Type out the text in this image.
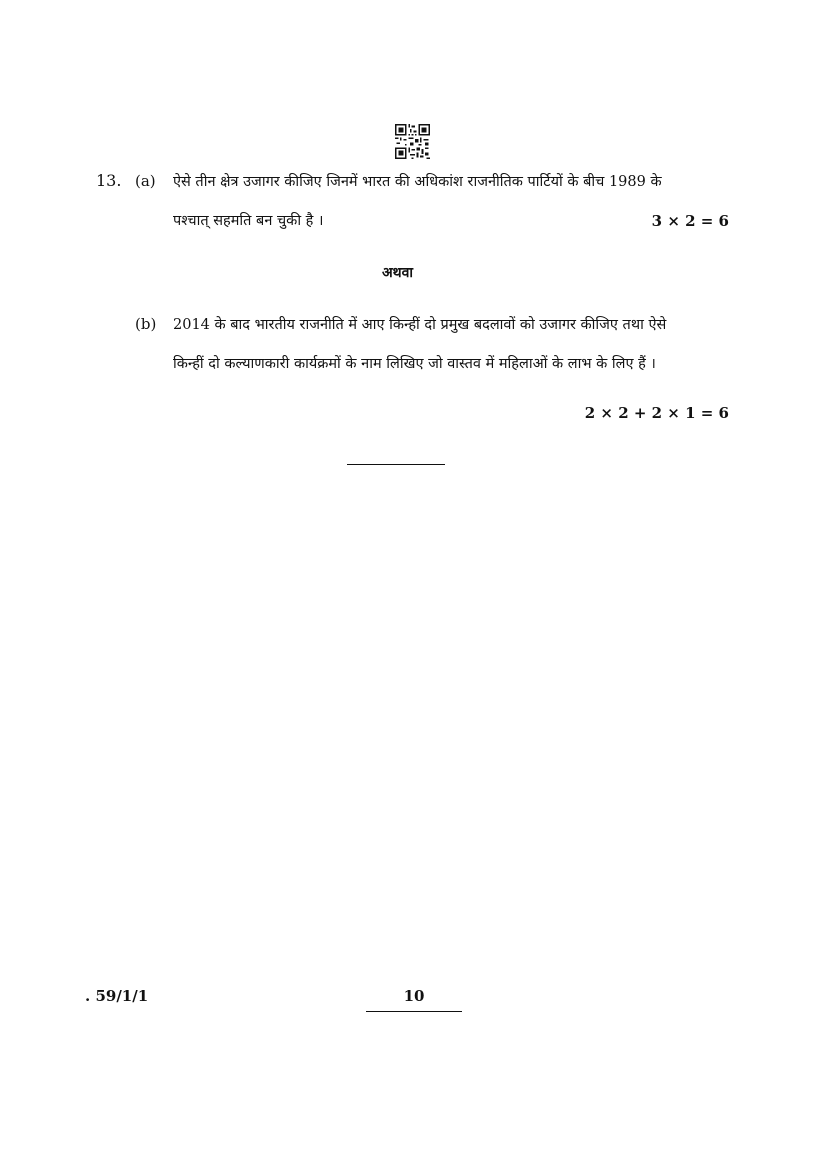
13. (a) ऐसे तीन क्षेत्र उजागर कीजिए जिनमें भारत की अधिकांश राजनीतिक पार्टियों के बीच 1989 के
पश्चात् सहमति बन चुकी है ।	3 × 2 = 6
अथवा
(b) 2014 के बाद भारतीय राजनीति में आए किन्हीं दो प्रमुख बदलावों को उजागर कीजिए तथा ऐसे
किन्हीं दो कल्याणकारी कार्यक्रमों के नाम लिखिए जो वास्तव में महिलाओं के लाभ के लिए हैं ।
2 × 2 + 2 × 1 = 6
. 59/1/1	10
